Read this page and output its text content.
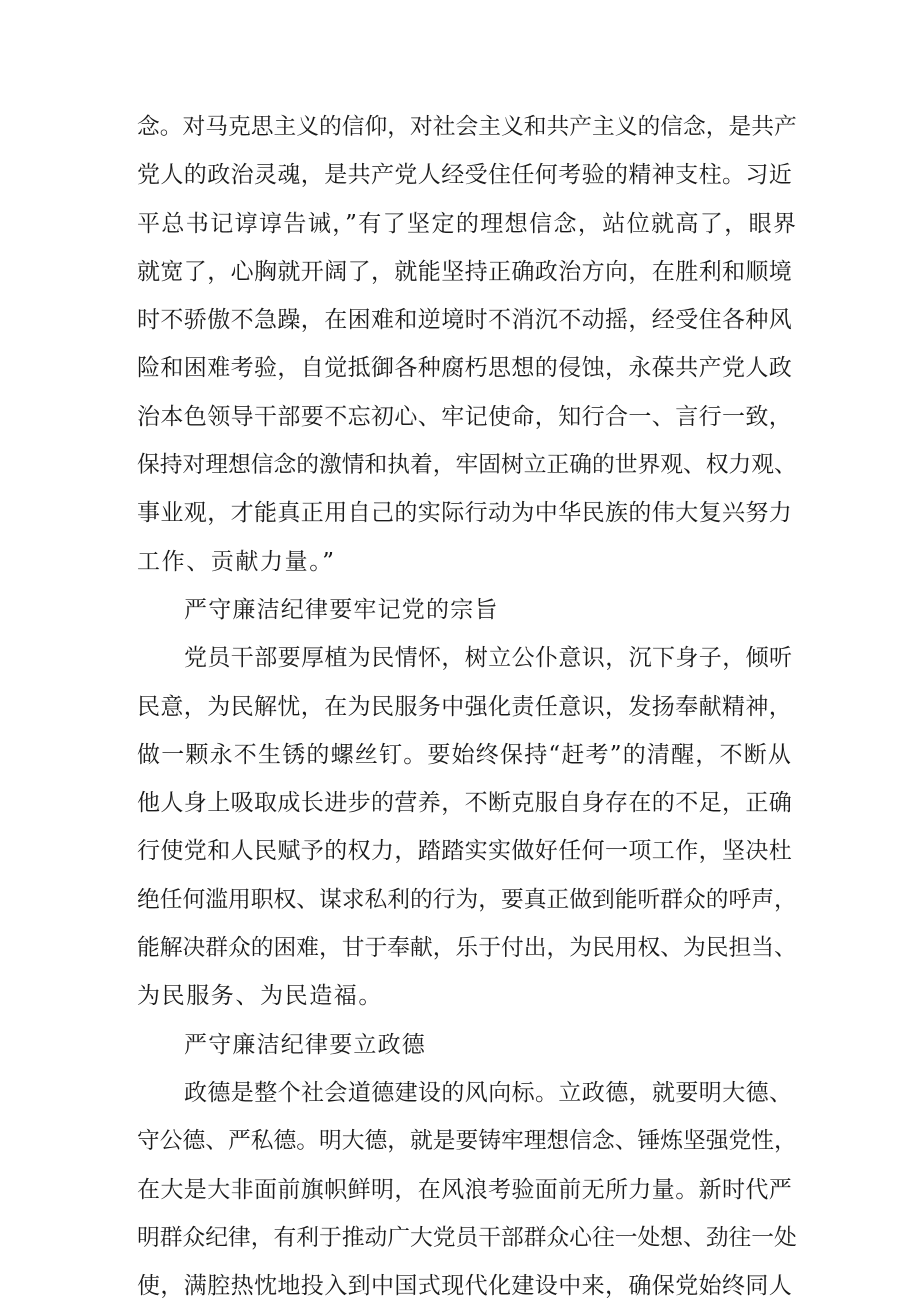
念。对马克思主义的信仰，对社会主义和共产主义的信念，是共产
党人的政治灵魂，是共产党人经受住任何考验的精神支柱。习近
平总书记谆谆告诫，”有了坚定的理想信念，站位就高了，眼界
就宽了，心胸就开阔了，就能坚持正确政治方向，在胜利和顺境
时不骄傲不急躁，在困难和逆境时不消沉不动摇，经受住各种风
险和困难考验，自觉抵御各种腐朽思想的侵蚀，永葆共产党人政
治本色领导干部要不忘初心、牢记使命，知行合一、言行一致，
保持对理想信念的激情和执着，牢固树立正确的世界观、权力观、
事业观，才能真正用自己的实际行动为中华民族的伟大复兴努力
工作、贡献力量。”
严守廉洁纪律要牢记党的宗旨
党员干部要厚植为民情怀，树立公仆意识，沉下身子，倾听
民意，为民解忧，在为民服务中强化责任意识，发扬奉献精神，
做一颗永不生锈的螺丝钉。要始终保持“赶考”的清醒，不断从
他人身上吸取成长进步的营养，不断克服自身存在的不足，正确
行使党和人民赋予的权力，踏踏实实做好任何一项工作，坚决杜
绝任何滥用职权、谋求私利的行为，要真正做到能听群众的呼声，
能解决群众的困难，甘于奉献，乐于付出，为民用权、为民担当、
为民服务、为民造福。
严守廉洁纪律要立政德
政德是整个社会道德建设的风向标。立政德，就要明大德、
守公德、严私德。明大德，就是要铸牢理想信念、锤炼坚强党性，
在大是大非面前旗帜鲜明，在风浪考验面前无所力量。新时代严
明群众纪律，有利于推动广大党员干部群众心往一处想、劲往一处
使，满腔热忱地投入到中国式现代化建设中来，确保党始终同人
